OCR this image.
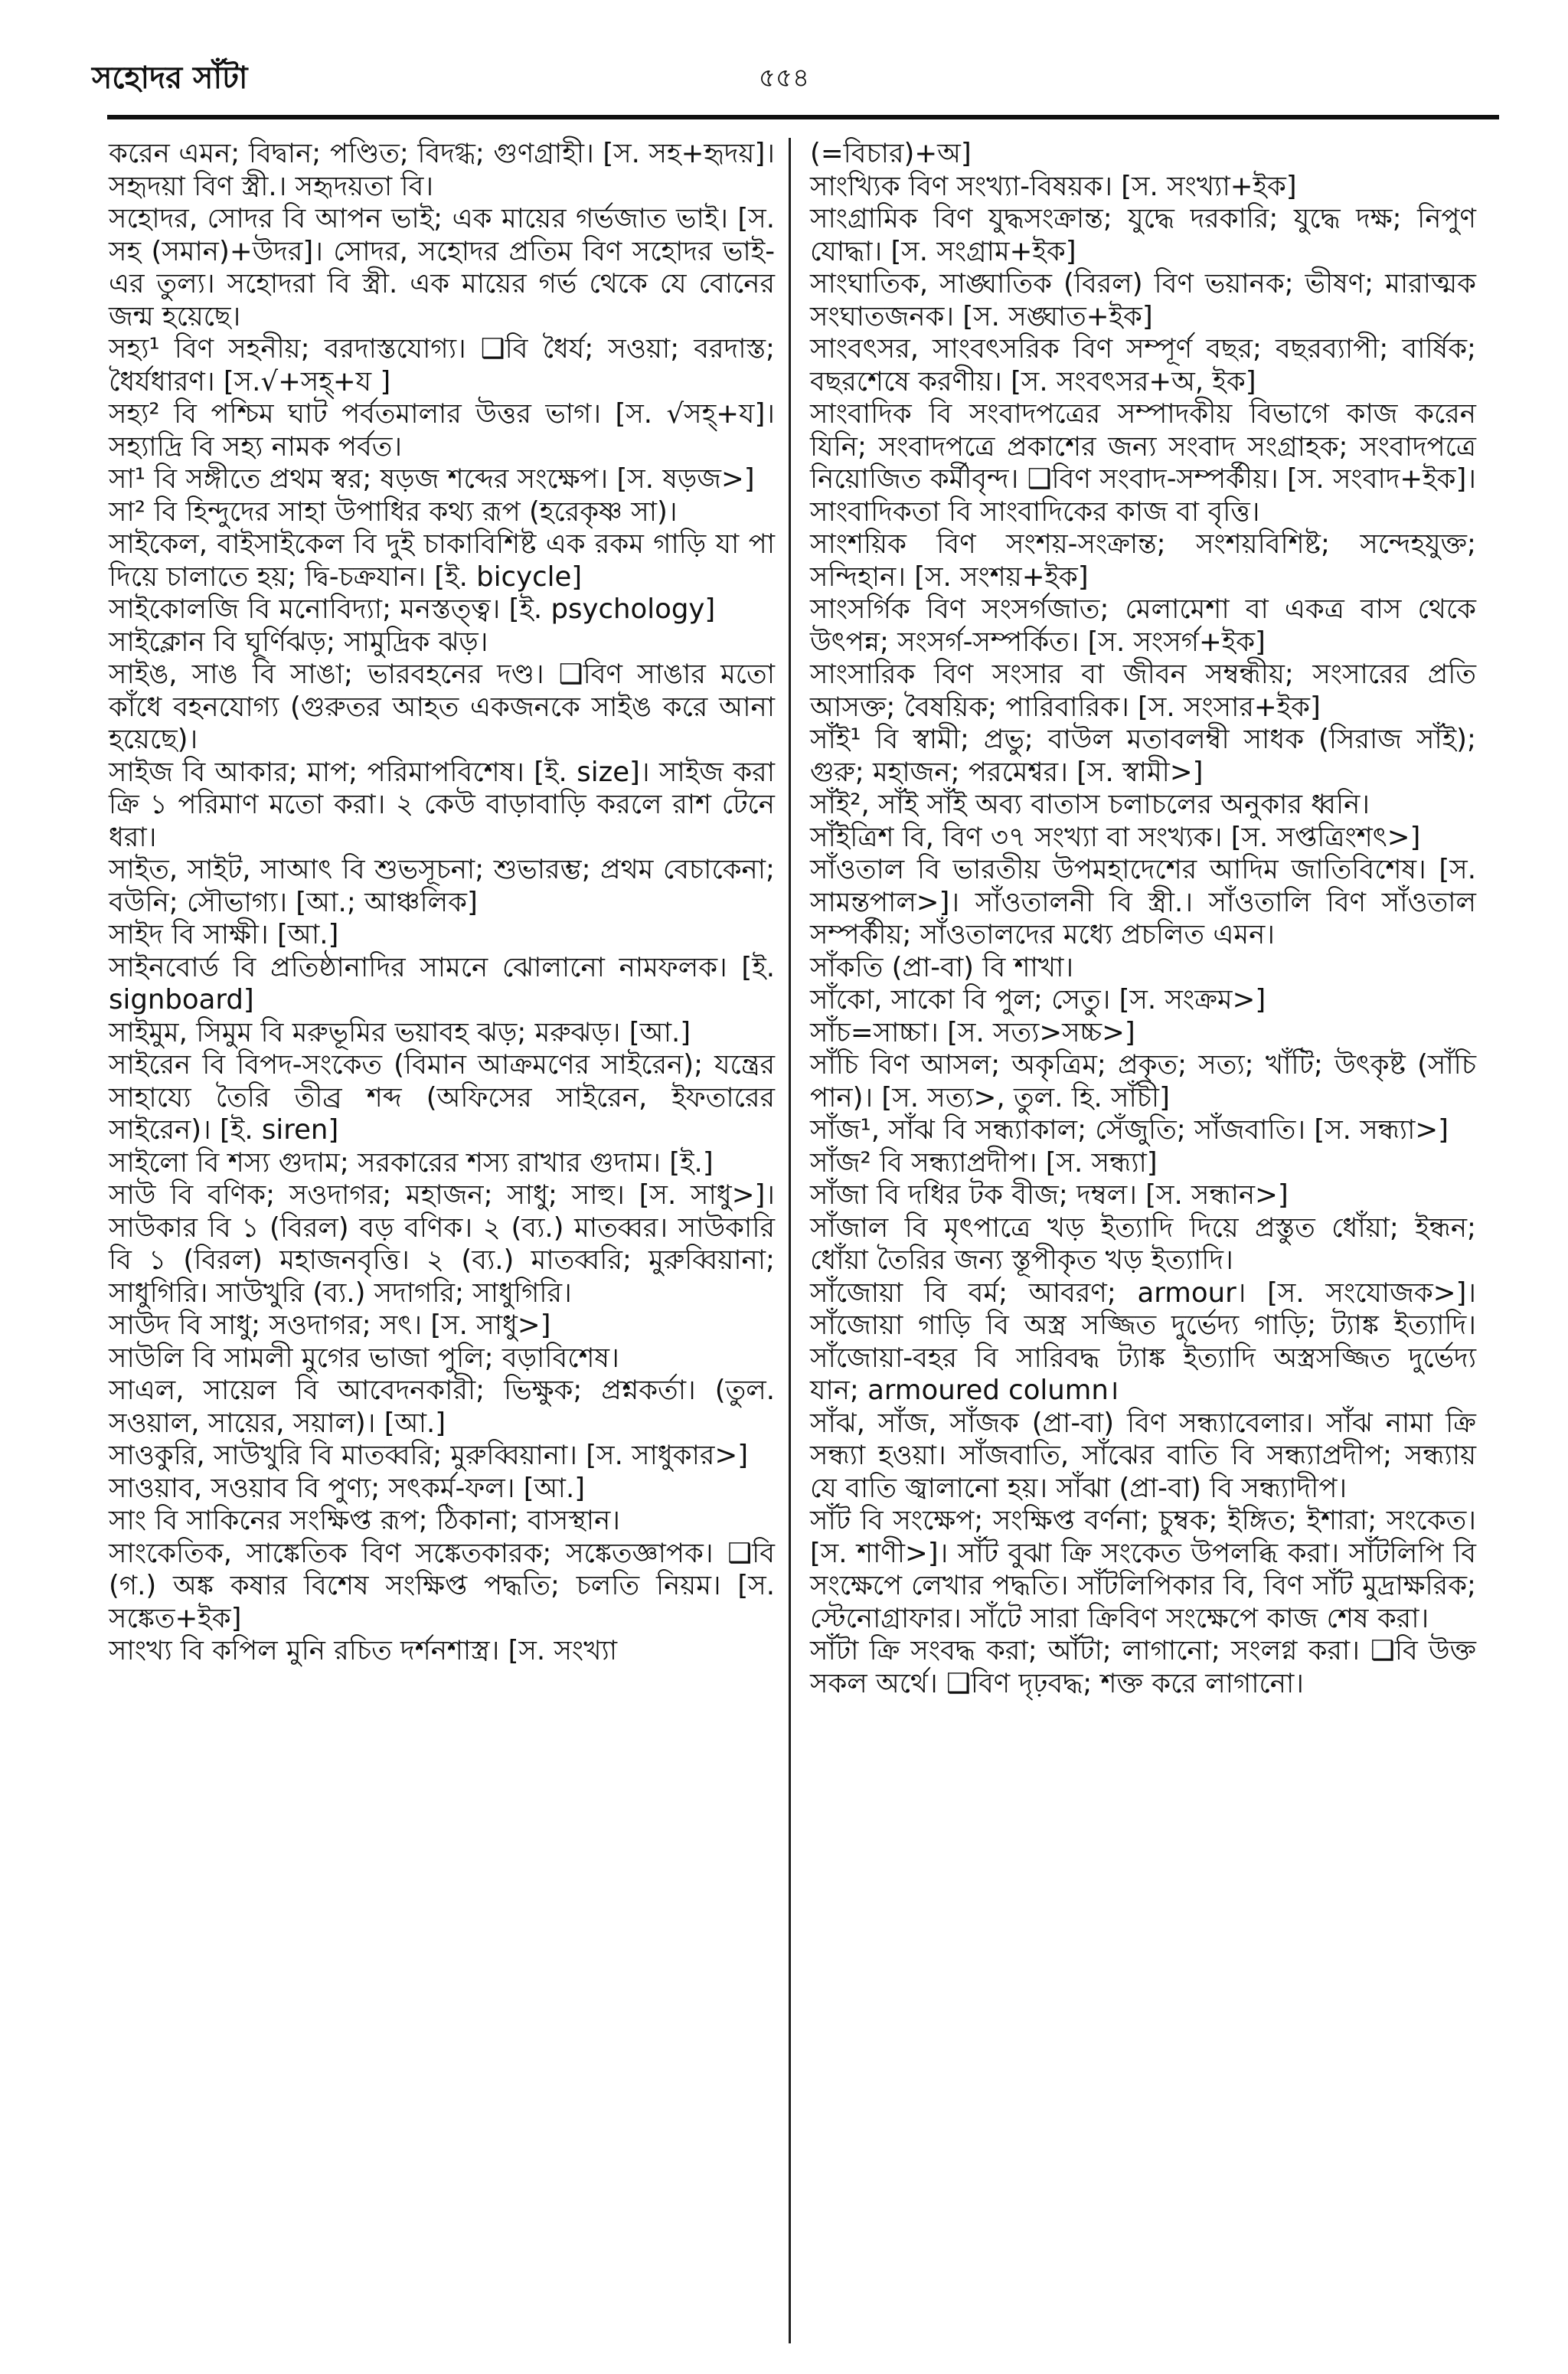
সহোদর সাঁটা	৫৫৪

করেন এমন; বিদ্বান; পণ্ডিত; বিদগ্ধ; গুণগ্রাহী। [স. সহ+হৃদয়]। সহৃদয়া বিণ স্ত্রী.। সহৃদয়তা বি।

সহোদর, সোদর বি আপন ভাই; এক মায়ের গর্ভজাত ভাই। [স. সহ (সমান)+উদর]। সোদর, সহোদর প্রতিম বিণ সহোদর ভাই-এর তুল্য। সহোদরা বি স্ত্রী. এক মায়ের গর্ভ থেকে যে বোনের জন্ম হয়েছে।

সহ্য¹ বিণ সহনীয়; বরদাস্তযোগ্য। ❑বি ধৈর্য; সওয়া; বরদাস্ত; ধৈর্যধারণ। [স.√+সহ্+য ]

সহ্য² বি পশ্চিম ঘাট পর্বতমালার উত্তর ভাগ। [স. √সহ্+য]। সহ্যাদ্রি বি সহ্য নামক পর্বত।

সা¹ বি সঙ্গীতে প্রথম স্বর; ষড়জ শব্দের সংক্ষেপ। [স. ষড়জ>]

সা² বি হিন্দুদের সাহা উপাধির কথ্য রূপ (হরেকৃষ্ণ সা)।

সাইকেল, বাইসাইকেল বি দুই চাকাবিশিষ্ট এক রকম গাড়ি যা পা দিয়ে চালাতে হয়; দ্বি-চক্রযান। [ই. bicycle]

সাইকোলজি বি মনোবিদ্যা; মনস্তত্ত্ব। [ই. psychology]

সাইক্লোন বি ঘূর্ণিঝড়; সামুদ্রিক ঝড়।

সাইঙ, সাঙ বি সাঙা; ভারবহনের দণ্ড। ❑বিণ সাঙার মতো কাঁধে বহনযোগ্য (গুরুতর আহত একজনকে সাইঙ করে আনা হয়েছে)।

সাইজ বি আকার; মাপ; পরিমাপবিশেষ। [ই. size]। সাইজ করা ক্রি ১ পরিমাণ মতো করা। ২ কেউ বাড়াবাড়ি করলে রাশ টেনে ধরা।

সাইত, সাইট, সাআৎ বি শুভসূচনা; শুভারম্ভ; প্রথম বেচাকেনা; বউনি; সৌভাগ্য। [আ.; আঞ্চলিক]

সাইদ বি সাক্ষী। [আ.]

সাইনবোর্ড বি প্রতিষ্ঠানাদির সামনে ঝোলানো নামফলক। [ই. signboard]

সাইমুম, সিমুম বি মরুভূমির ভয়াবহ ঝড়; মরুঝড়। [আ.]

সাইরেন বি বিপদ-সংকেত (বিমান আক্রমণের সাইরেন); যন্ত্রের সাহায্যে তৈরি তীব্র শব্দ (অফিসের সাইরেন, ইফতারের সাইরেন)। [ই. siren]

সাইলো বি শস্য গুদাম; সরকারের শস্য রাখার গুদাম। [ই.]

সাউ বি বণিক; সওদাগর; মহাজন; সাধু; সাহু। [স. সাধু>]। সাউকার বি ১ (বিরল) বড় বণিক। ২ (ব্য.) মাতব্বর। সাউকারি বি ১ (বিরল) মহাজনবৃত্তি। ২ (ব্য.) মাতব্বরি; মুরুব্বিয়ানা; সাধুগিরি। সাউখুরি (ব্য.) সদাগরি; সাধুগিরি।

সাউদ বি সাধু; সওদাগর; সৎ। [স. সাধু>]

সাউলি বি সামলী মুগের ভাজা পুলি; বড়াবিশেষ।

সাএল, সায়েল বি আবেদনকারী; ভিক্ষুক; প্রশ্নকর্তা। (তুল. সওয়াল, সায়ের, সয়াল)। [আ.]

সাওকুরি, সাউখুরি বি মাতব্বরি; মুরুব্বিয়ানা। [স. সাধুকার>]

সাওয়াব, সওয়াব বি পুণ্য; সৎকর্ম-ফল। [আ.]

সাং বি সাকিনের সংক্ষিপ্ত রূপ; ঠিকানা; বাসস্থান।

সাংকেতিক, সাঙ্কেতিক বিণ সঙ্কেতকারক; সঙ্কেতজ্ঞাপক। ❑বি (গ.) অঙ্ক কষার বিশেষ সংক্ষিপ্ত পদ্ধতি; চলতি নিয়ম। [স. সঙ্কেত+ইক]

সাংখ্য বি কপিল মুনি রচিত দর্শনশাস্ত্র। [স. সংখ্যা

(=বিচার)+অ]

সাংখ্যিক বিণ সংখ্যা-বিষয়ক। [স. সংখ্যা+ইক]

সাংগ্রামিক বিণ যুদ্ধসংক্রান্ত; যুদ্ধে দরকারি; যুদ্ধে দক্ষ; নিপুণ যোদ্ধা। [স. সংগ্রাম+ইক]

সাংঘাতিক, সাঙ্ঘাতিক (বিরল) বিণ ভয়ানক; ভীষণ; মারাত্মক সংঘাতজনক। [স. সঙ্ঘাত+ইক]

সাংবৎসর, সাংবৎসরিক বিণ সম্পূর্ণ বছর; বছরব্যাপী; বার্ষিক; বছরশেষে করণীয়। [স. সংবৎসর+অ, ইক]

সাংবাদিক বি সংবাদপত্রের সম্পাদকীয় বিভাগে কাজ করেন যিনি; সংবাদপত্রে প্রকাশের জন্য সংবাদ সংগ্রাহক; সংবাদপত্রে নিয়োজিত কর্মীবৃন্দ। ❑বিণ সংবাদ-সম্পর্কীয়। [স. সংবাদ+ইক]। সাংবাদিকতা বি সাংবাদিকের কাজ বা বৃত্তি।

সাংশয়িক বিণ সংশয়-সংক্রান্ত; সংশয়বিশিষ্ট; সন্দেহযুক্ত; সন্দিহান। [স. সংশয়+ইক]

সাংসর্গিক বিণ সংসর্গজাত; মেলামেশা বা একত্র বাস থেকে উৎপন্ন; সংসর্গ-সম্পর্কিত। [স. সংসর্গ+ইক]

সাংসারিক বিণ সংসার বা জীবন সম্বন্ধীয়; সংসারের প্রতি আসক্ত; বৈষয়িক; পারিবারিক। [স. সংসার+ইক]

সাঁই¹ বি স্বামী; প্রভু; বাউল মতাবলম্বী সাধক (সিরাজ সাঁই); গুরু; মহাজন; পরমেশ্বর। [স. স্বামী>]

সাঁই², সাঁই সাঁই অব্য বাতাস চলাচলের অনুকার ধ্বনি।

সাঁইত্রিশ বি, বিণ ৩৭ সংখ্যা বা সংখ্যক। [স. সপ্তত্রিংশৎ>]

সাঁওতাল বি ভারতীয় উপমহাদেশের আদিম জাতিবিশেষ। [স. সামন্তপাল>]। সাঁওতালনী বি স্ত্রী.। সাঁওতালি বিণ সাঁওতাল সম্পর্কীয়; সাঁওতালদের মধ্যে প্রচলিত এমন।

সাঁকতি (প্রা-বা) বি শাখা।

সাঁকো, সাকো বি পুল; সেতু। [স. সংক্রম>]

সাঁচ=সাচ্চা। [স. সত্য>সচ্চ>]

সাঁচি বিণ আসল; অকৃত্রিম; প্রকৃত; সত্য; খাঁটি; উৎকৃষ্ট (সাঁচি পান)। [স. সত্য>, তুল. হি. সাঁচী]

সাঁজ¹, সাঁঝ বি সন্ধ্যাকাল; সেঁজুতি; সাঁজবাতি। [স. সন্ধ্যা>]

সাঁজ² বি সন্ধ্যাপ্রদীপ। [স. সন্ধ্যা]

সাঁজা বি দধির টক বীজ; দম্বল। [স. সন্ধান>]

সাঁজাল বি মৃৎপাত্রে খড় ইত্যাদি দিয়ে প্রস্তুত ধোঁয়া; ইন্ধন; ধোঁয়া তৈরির জন্য স্তূপীকৃত খড় ইত্যাদি।

সাঁজোয়া বি বর্ম; আবরণ; armour। [স. সংযোজক>]। সাঁজোয়া গাড়ি বি অস্ত্র সজ্জিত দুর্ভেদ্য গাড়ি; ট্যাঙ্ক ইত্যাদি। সাঁজোয়া-বহর বি সারিবদ্ধ ট্যাঙ্ক ইত্যাদি অস্ত্রসজ্জিত দুর্ভেদ্য যান; armoured column।

সাঁঝ, সাঁজ, সাঁজক (প্রা-বা) বিণ সন্ধ্যাবেলার। সাঁঝ নামা ক্রি সন্ধ্যা হওয়া। সাঁজবাতি, সাঁঝের বাতি বি সন্ধ্যাপ্রদীপ; সন্ধ্যায় যে বাতি জ্বালানো হয়। সাঁঝা (প্রা-বা) বি সন্ধ্যাদীপ।

সাঁট বি সংক্ষেপ; সংক্ষিপ্ত বর্ণনা; চুম্বক; ইঙ্গিত; ইশারা; সংকেত। [স. শাণী>]। সাঁট বুঝা ক্রি সংকেত উপলব্ধি করা। সাঁটলিপি বি সংক্ষেপে লেখার পদ্ধতি। সাঁটলিপিকার বি, বিণ সাঁট মুদ্রাক্ষরিক; স্টেনোগ্রাফার। সাঁটে সারা ক্রিবিণ সংক্ষেপে কাজ শেষ করা।

সাঁটা ক্রি সংবদ্ধ করা; আঁটা; লাগানো; সংলগ্ন করা। ❑বি উক্ত সকল অর্থে। ❑বিণ দৃঢ়বদ্ধ; শক্ত করে লাগানো।
